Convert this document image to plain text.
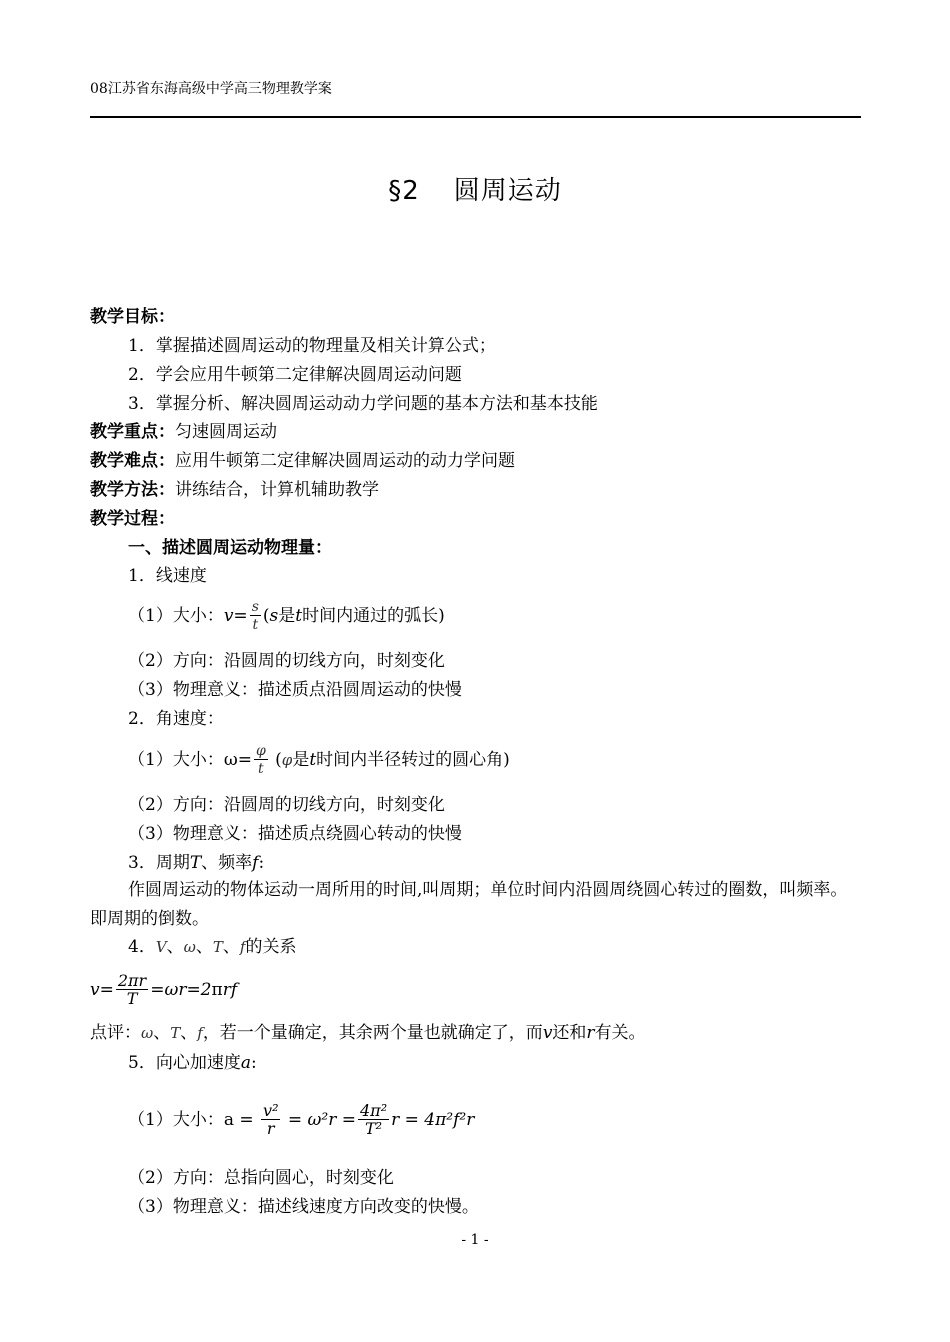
08江苏省东海高级中学高三物理教学案
§2 圆周运动
教学目标：
1．掌握描述圆周运动的物理量及相关计算公式；
2．学会应用牛顿第二定律解决圆周运动问题
3．掌握分析、解决圆周运动动力学问题的基本方法和基本技能
教学重点：匀速圆周运动
教学难点：应用牛顿第二定律解决圆周运动的动力学问题
教学方法：讲练结合，计算机辅助教学
教学过程：
一、描述圆周运动物理量：
1．线速度
（1）大小：$v= \frac{s}{t} (s$是t时间内通过的弧长)
（2）方向：沿圆周的切线方向，时刻变化
（3）物理意义：描述质点沿圆周运动的快慢
2．角速度：
（1）大小：$\omega= \frac{\varphi}{t} (\varphi$是t时间内半径转过的圆心角)
（2）方向：沿圆周的切线方向，时刻变化
（3）物理意义：描述质点绕圆心转动的快慢
3．周期T、频率f:
作圆周运动的物体运动一周所用的时间,叫周期；单位时间内沿圆周绕圆心转过的圈数，叫频率。即周期的倒数。
4．V、ω、T、f的关系
$v= \frac{2\pi r}{T} =\omega r=2\pi rf$
点评：ω、T、f，若一个量确定，其余两个量也就确定了，而v还和r有关。
5．向心加速度a:
（1）大小：$a = \frac{\text{v²}}{r} = \omega^2r = \frac{\text{4π²}}{\text{T²}}$ r = 4π²f²r
（2）方向：总指向圆心，时刻变化
（3）物理意义：描述线速度方向改变的快慢。
- 1 -
